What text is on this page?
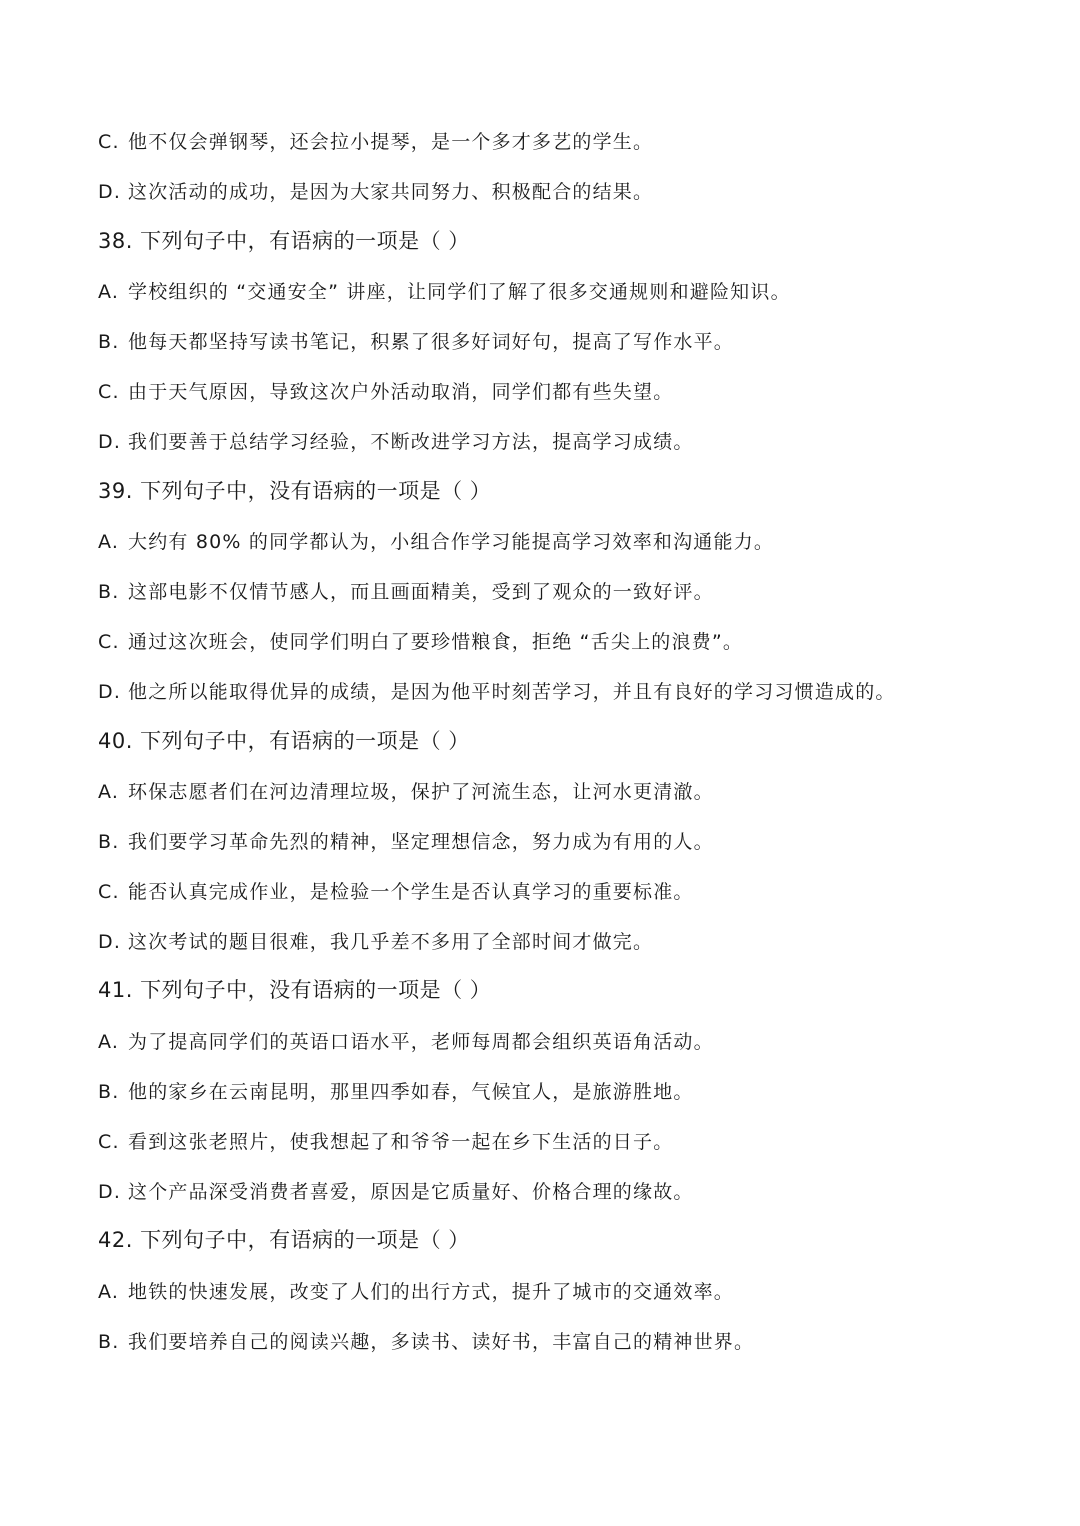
C. 他不仅会弹钢琴，还会拉小提琴，是一个多才多艺的学生。
D. 这次活动的成功，是因为大家共同努力、积极配合的结果。
38. 下列句子中，有语病的一项是（ ）
A. 学校组织的 “交通安全” 讲座，让同学们了解了很多交通规则和避险知识。
B. 他每天都坚持写读书笔记，积累了很多好词好句，提高了写作水平。
C. 由于天气原因，导致这次户外活动取消，同学们都有些失望。
D. 我们要善于总结学习经验，不断改进学习方法，提高学习成绩。
39. 下列句子中，没有语病的一项是（ ）
A. 大约有 80% 的同学都认为，小组合作学习能提高学习效率和沟通能力。
B. 这部电影不仅情节感人，而且画面精美，受到了观众的一致好评。
C. 通过这次班会，使同学们明白了要珍惜粮食，拒绝 “舌尖上的浪费”。
D. 他之所以能取得优异的成绩，是因为他平时刻苦学习，并且有良好的学习习惯造成的。
40. 下列句子中，有语病的一项是（ ）
A. 环保志愿者们在河边清理垃圾，保护了河流生态，让河水更清澈。
B. 我们要学习革命先烈的精神，坚定理想信念，努力成为有用的人。
C. 能否认真完成作业，是检验一个学生是否认真学习的重要标准。
D. 这次考试的题目很难，我几乎差不多用了全部时间才做完。
41. 下列句子中，没有语病的一项是（ ）
A. 为了提高同学们的英语口语水平，老师每周都会组织英语角活动。
B. 他的家乡在云南昆明，那里四季如春，气候宜人，是旅游胜地。
C. 看到这张老照片，使我想起了和爷爷一起在乡下生活的日子。
D. 这个产品深受消费者喜爱，原因是它质量好、价格合理的缘故。
42. 下列句子中，有语病的一项是（ ）
A. 地铁的快速发展，改变了人们的出行方式，提升了城市的交通效率。
B. 我们要培养自己的阅读兴趣，多读书、读好书，丰富自己的精神世界。
